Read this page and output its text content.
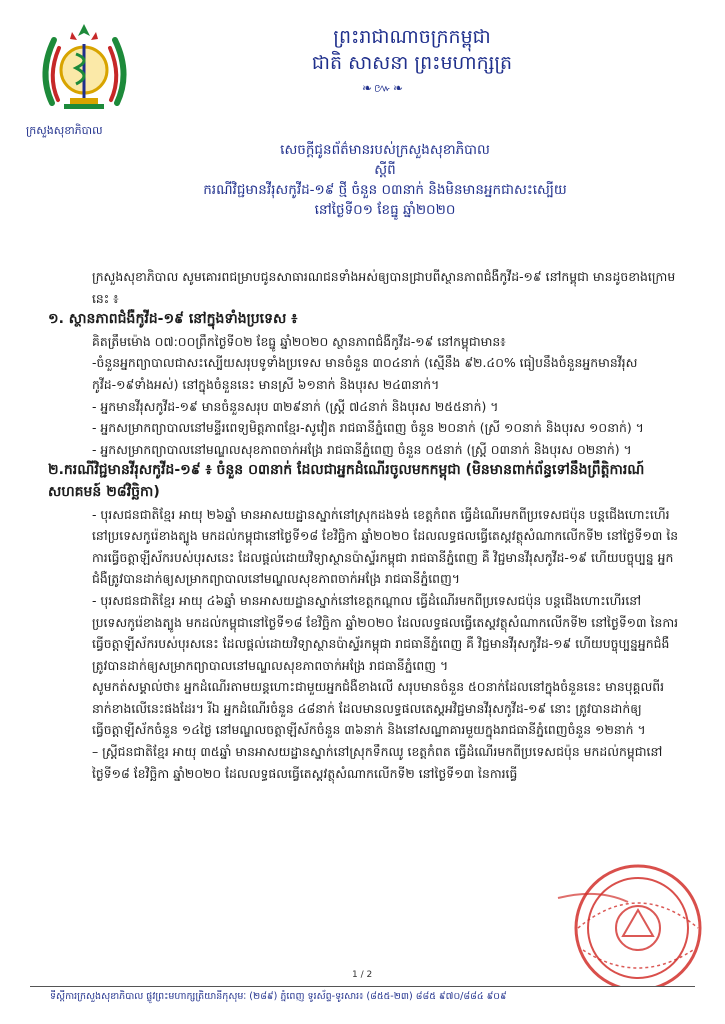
ព្រះរាជាណាចក្រកម្ពុជា
ជាតិ សាសនា ព្រះមហាក្សត្រ
❧៚❧
ក្រសួងសុខាភិបាល
សេចក្តីជូនព័ត៌មានរបស់ក្រសួងសុខាភិបាល
ស្តីពី
ករណីវិជ្ជមានវីរុសកូវីដ-១៩ ថ្មី ចំនួន ០៣នាក់ និងមិនមានអ្នកជាសះស្បើយ
នៅថ្ងៃទី០១ ខែធ្នូ ឆ្នាំ២០២០

ក្រសួងសុខាភិបាល សូមគោរពជម្រាបជូនសាធារណជនទាំងអស់ឲ្យបានជ្រាបពីស្ថានភាពជំងឺកូវីដ-១៩ នៅកម្ពុជា មានដូចខាងក្រោមនេះ ៖

១. ស្ថានភាពជំងឺកូវីដ-១៩ នៅក្នុងទាំងប្រទេស ៖

គិតត្រឹមម៉ោង ០៧:០០ព្រឹកថ្ងៃទី០២ ខែធ្នូ ឆ្នាំ២០២០ ស្ថានភាពជំងឺកូវីដ-១៩ នៅកម្ពុជាមាន៖

-ចំនួនអ្នកព្យាបាលជាសះស្បើយសរុបទូទាំងប្រទេស មានចំនួន ៣០៤នាក់ (ស្មើនឹង ៩២.៤០% ធៀបនឹងចំនួនអ្នកមានវីរុស កូវីដ-១៩ទាំងអស់) នៅក្នុងចំនួននេះ មានស្រី ៦១នាក់ និងបុរស ២៤៣នាក់។

- អ្នកមានវីរុសកូវីដ-១៩ មានចំនួនសរុប ៣២៩នាក់ (ស្ត្រី ៧៤នាក់ និងបុរស ២៥៥នាក់) ។

- អ្នកសម្រាកព្យាបាលនៅមន្ទីរពេទ្យមិត្តភាពខ្មែរ-សូវៀត រាជធានីភ្នំពេញ ចំនួន ២០នាក់ (ស្រី ១០នាក់ និងបុរស ១០នាក់) ។

- អ្នកសម្រាកព្យាបាលនៅមណ្ឌលសុខភាពចាក់អង្រែ រាជធានីភ្នំពេញ ចំនួន ០៥នាក់ (ស្ត្រី ០៣នាក់ និងបុរស ០២នាក់) ។

២.ករណីវិជ្ជមានវីរុសកូវីដ-១៩ ៖ ចំនួន ០៣នាក់ ដែលជាអ្នកដំណើរចូលមកកម្ពុជា (មិនមានពាក់ព័ន្ធទៅនឹងព្រឹត្តិការណ៍សហគមន៍ ២៨វិច្ឆិកា)

- បុរសជនជាតិខ្មែរ អាយុ ២៦ឆ្នាំ មានអាសយដ្ឋានស្នាក់នៅស្រុកដងទង់ ខេត្តកំពត ធ្វើដំណើរមកពីប្រទេសជប៉ុន បន្តជើងហោះហើរនៅប្រទេសកូរ៉េខាងត្បូង មកដល់កម្ពុជានៅថ្ងៃទី១៨ ខែវិច្ឆិកា ឆ្នាំ២០២០ ដែលលទ្ធផលធ្វើតេស្តវត្ថុសំណាកលើកទី២ នៅថ្ងៃទី១៣ នៃការធ្វើចត្តាឡីស័ករបស់បុរសនេះ ដែលផ្តល់ដោយវិទ្យាស្ថានប៉ាស្ទ័រកម្ពុជា រាជធានីភ្នំពេញ គឺ វិជ្ជមានវីរុសកូវីដ-១៩ ហើយបច្ចុប្បន្ន អ្នកជំងឺត្រូវបានដាក់ឲ្យសម្រាកព្យាបាលនៅមណ្ឌលសុខភាពចាក់អង្រែ រាជធានីភ្នំពេញ។

- បុរសជនជាតិខ្មែរ អាយុ ៤៦ឆ្នាំ មានអាសយដ្ឋានស្នាក់នៅខេត្តកណ្តាល ធ្វើដំណើរមកពីប្រទេសជប៉ុន បន្តជើងហោះហើរនៅប្រទេសកូរ៉េខាងត្បូង មកដល់កម្ពុជានៅថ្ងៃទី១៨ ខែវិច្ឆិកា ឆ្នាំ២០២០ ដែលលទ្ធផលធ្វើតេស្តវត្ថុសំណាកលើកទី២ នៅថ្ងៃទី១៣ នៃការធ្វើចត្តាឡីស័ករបស់បុរសនេះ ដែលផ្តល់ដោយវិទ្យាស្ថានប៉ាស្ទ័រកម្ពុជា រាជធានីភ្នំពេញ គឺ វិជ្ជមានវីរុសកូវីដ-១៩ ហើយបច្ចុប្បន្នអ្នកជំងឺត្រូវបានដាក់ឲ្យសម្រាកព្យាបាលនៅមណ្ឌលសុខភាពចាក់អង្រែ រាជធានីភ្នំពេញ ។

សូមកត់សម្គាល់ថា៖ អ្នកដំណើរតាមយន្តហោះជាមួយអ្នកជំងឺខាងលើ សរុបមានចំនួន ៥០នាក់ដែលនៅក្នុងចំនួននេះ មានបុគ្គលពីរនាក់ខាងលើនេះផងដែរ។ រីឯ អ្នកដំណើរចំនួន ៤៨នាក់ ដែលមានលទ្ធផលតេស្តអវិជ្ជមានវីរុសកូវីដ-១៩ នោះ ត្រូវបានដាក់ឲ្យធ្វើចត្តាឡីស័កចំនួន ១៤ថ្ងៃ នៅមណ្ឌលចត្តាឡីស័កចំនួន ៣៦នាក់ និងនៅសណ្ឋាគារមួយក្នុងរាជធានីភ្នំពេញចំនួន ១២នាក់ ។

– ស្ត្រីជនជាតិខ្មែរ អាយុ ៣៥ឆ្នាំ មានអាសយដ្ឋានស្នាក់នៅស្រុកទឹកឈូ ខេត្តកំពត ធ្វើដំណើរមកពីប្រទេសជប៉ុន មកដល់កម្ពុជានៅថ្ងៃទី១៨ ខែវិច្ឆិកា ឆ្នាំ២០២០ ដែលលទ្ធផលធ្វើតេស្តវត្ថុសំណាកលើកទី២ នៅថ្ងៃទី១៣ នៃការធ្វើ

1 / 2
ទីស្តីការក្រសួងសុខាភិបាល ផ្លូវព្រះមហាក្សត្រិយានីកុសុមៈ (២៨៩) ភ្នំពេញ ទូរស័ព្ទ-ទូរសារ៖ (៨៥៥-២៣) ៨៨៥ ៩៧០/៨៨៤ ៩០៩
